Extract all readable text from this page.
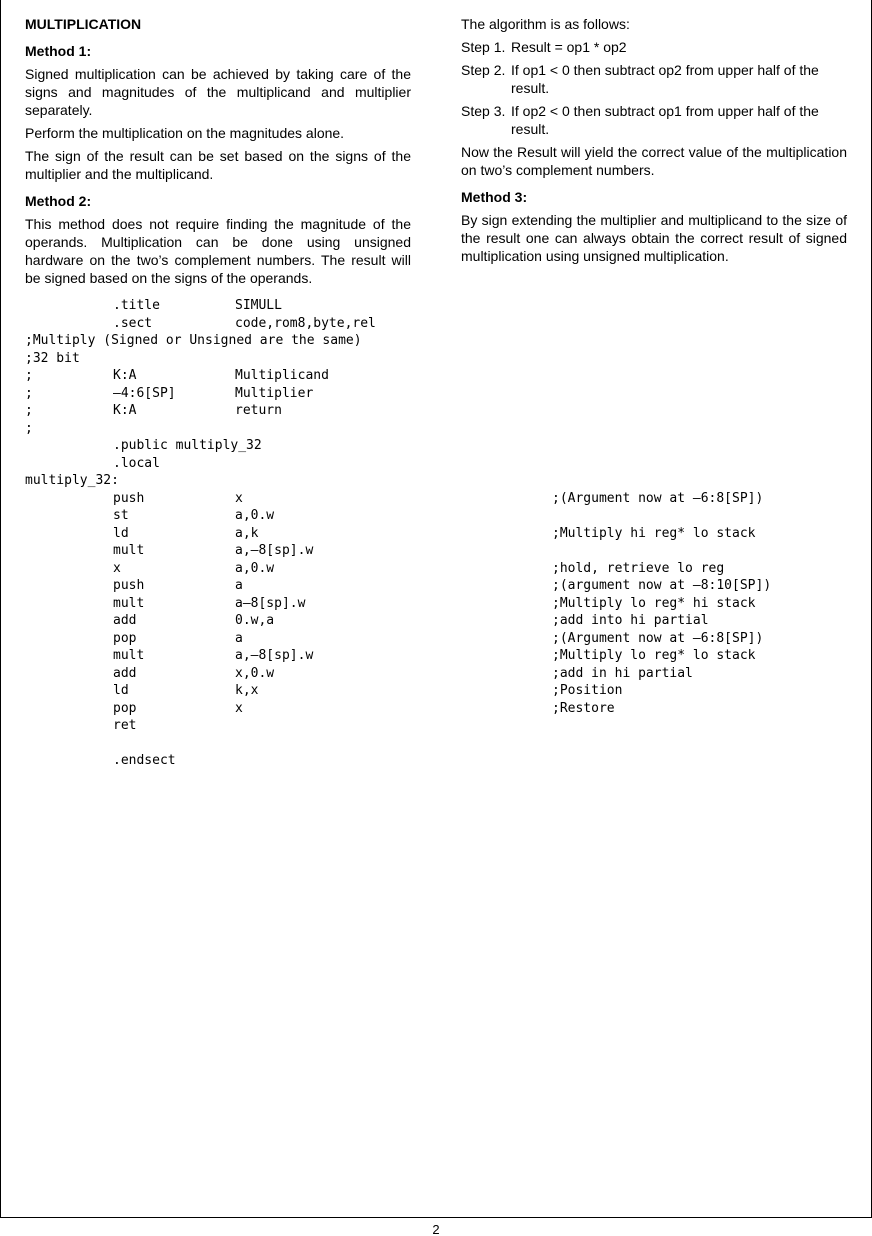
MULTIPLICATION
Method 1:
Signed multiplication can be achieved by taking care of the signs and magnitudes of the multiplicand and multiplier separately.
Perform the multiplication on the magnitudes alone.
The sign of the result can be set based on the signs of the multiplier and the multiplicand.
Method 2:
This method does not require finding the magnitude of the operands. Multiplication can be done using unsigned hardware on the two’s complement numbers. The result will be signed based on the signs of the operands.
The algorithm is as follows:
Step 1. Result = op1 * op2
Step 2. If op1 < 0 then subtract op2 from upper half of the result.
Step 3. If op2 < 0 then subtract op1 from upper half of the result.
Now the Result will yield the correct value of the multiplication on two’s complement numbers.
Method 3:
By sign extending the multiplier and multiplicand to the size of the result one can always obtain the correct result of signed multiplication using unsigned multiplication.
.title	SIMULL
.sect	code,rom8,byte,rel
;Multiply (Signed or Unsigned are the same)
;32 bit
;	K:A	Multiplicand
;	–4:6[SP]	Multiplier
;	K:A	return
;
.public multiply_32
.local
multiply_32:
push	x	;(Argument now at –6:8[SP])
st	a,0.w
ld	a,k	;Multiply hi reg* lo stack
mult	a,–8[sp].w
x	a,0.w	;hold, retrieve lo reg
push	a	;(argument now at –8:10[SP])
mult	a–8[sp].w	;Multiply lo reg* hi stack
add	0.w,a	;add into hi partial
pop	a	;(Argument now at –6:8[SP])
mult	a,–8[sp].w	;Multiply lo reg* lo stack
add	x,0.w	;add in hi partial
ld	k,x	;Position
pop	x	;Restore
ret
.endsect
2
